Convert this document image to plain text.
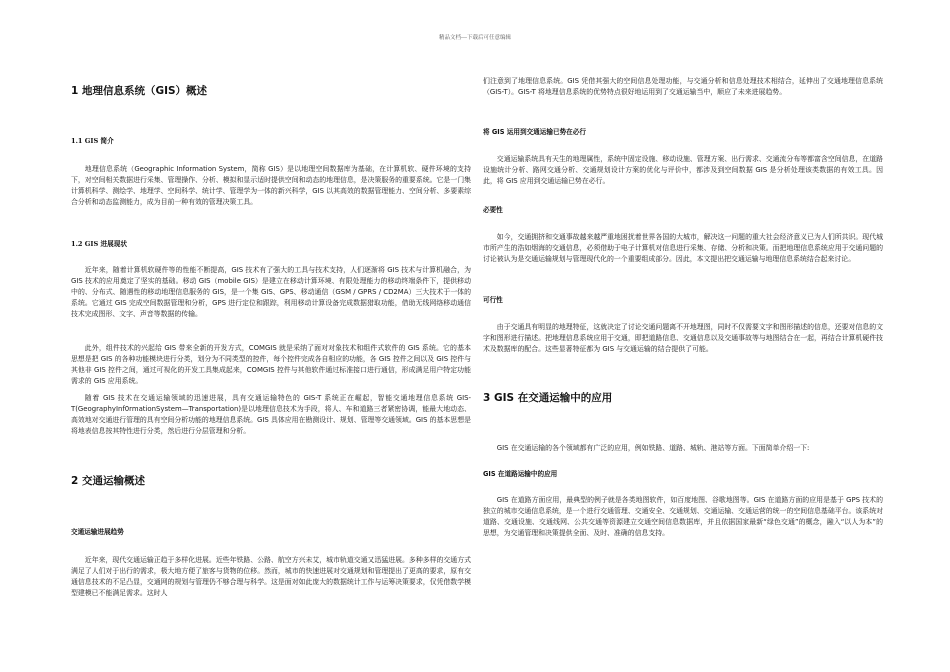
精品文档---下载后可任意编辑
1 地理信息系统（GIS）概述
1.1 GIS 简介
地理信息系统（Geographic Information System，简称 GIS）是以地理空间数据库为基础，在计算机软、硬件环境的支持下，对空间相关数据进行采集、管理操作、分析、模拟和显示适时提供空间和动态的地理信息，是决策服务的重要系统。它是一门集计算机科学、测绘学、地理学、空间科学、统计学、管理学为一体的新兴科学，GIS 以其高效的数据管理能力、空间分析、多要素综合分析和动态监测能力，成为目前一种有效的管理决策工具。
1.2 GIS 进展现状
近年来，随着计算机软硬件等的性能不断提高，GIS 技术有了强大的工具与技术支持，人们逐渐将 GIS 技术与计算机融合，为 GIS 技术的应用奠定了坚实的基础。移动 GIS（mobile GIS）是建立在移动计算环境、有限处理能力的移动终端条件下，提供移动中的、分布式、随遇性的移动地理信息服务的 GIS，是一个集 GIS、GPS、移动通信（GSM / GPRS / CD2MA）三大技术于一体的系统。它通过 GIS 完成空间数据管理和分析，GPS 进行定位和跟踪，利用移动计算设备完成数据猎取功能，借助无线网络移动通信技术完成图形、文字、声音等数据的传输。
此外，组件技术的兴起给 GIS 带来全新的开发方式，COMGIS 就是采纳了面对对象技术和组件式软件的 GIS 系统。它的基本思想是把 GIS 的各种功能模块进行分类，划分为不同类型的控件，每个控件完成各自相应的功能，各 GIS 控件之间以及 GIS 控件与其他非 GIS 控件之间，通过可视化的开发工具集成起来，COMGIS 控件与其他软件通过标准接口进行通信，形成满足用户特定功能需求的 GIS 应用系统。
随着 GIS 技术在交通运输领域的迅速进展，具有交通运输特色的 GIS-T 系统正在崛起，智能交通地理信息系统 GIS-T(GeographyInf0rmationSystem—Transportation)是以地理信息技术为手段，将人、车和道路三者紧密协调，能最大地动态、高效地对交通进行管理的具有空间分析功能的地理信息系统。GIS 具体应用在勘测设计、规划、管理等交通领域。GIS 的基本思想是将地表信息按其特性进行分类，然后进行分层管理和分析。
2 交通运输概述
交通运输进展趋势
近年来，现代交通运输正趋于多样化进展。近些年铁路、公路、航空方兴未艾，城市轨道交通又迅猛进展。多种多样的交通方式满足了人们对于出行的需求，极大地方便了旅客与货物的位移。然而，城市的快速进展对交通规划和管理提出了更高的要求，原有交通信息技术的不足凸显，交通网的规划与管理仍不够合理与科学。这是面对如此庞大的数据统计工作与运筹决策要求，仅凭借数学模型建模已不能满足需求。这时人
们注意到了地理信息系统。GIS 凭借其强大的空间信息处理功能，与交通分析和信息处理技术相结合，延伸出了交通地理信息系统（GIS-T）。GIS-T 将地理信息系统的优势特点很好地运用到了交通运输当中，顺应了未来进展趋势。
将 GIS 运用到交通运输已势在必行
交通运输系统具有天生的地理属性，系统中固定设施、移动设施、管理方案、出行需求、交通流分布等都富含空间信息，在道路设施统计分析、路网交通分析、交通规划设计方案的优化与评价中，都涉及到空间数据 GIS 是分析处理该类数据的有效工具。因此，将 GIS 应用到交通运输已势在必行。
必要性
如今，交通拥挤和交通事故越来越严重地困扰着世界各国的大城市，解决这一问题的重大社会经济意义已为人们所共识。现代城市所产生的浩如烟海的交通信息，必须借助于电子计算机对信息进行采集、存储、分析和决策。而把地理信息系统应用于交通问题的讨论被认为是交通运输规划与管理现代化的一个重要组成部分。因此，本文提出把交通运输与地理信息系统结合起来讨论。
可行性
由于交通具有明显的地理特征，这就决定了讨论交通问题离不开地理图，同时不仅需要文字和图形描述的信息，还要对信息的文字和图形进行描述。把地理信息系统应用于交通，即把道路信息、交通信息以及交通事故等与地图结合在一起，再结合计算机硬件技术及数据库的配合。这些显著特征都为 GIS 与交通运输的结合提供了可能。
3 GIS 在交通运输中的应用
GIS 在交通运输的各个领域都有广泛的应用，例如铁路、道路、城轨、港站等方面。下面简单介绍一下:
GIS 在道路运输中的应用
GIS 在道路方面应用，最典型的例子就是各类地图软件，如百度地图、谷歌地图等。GIS 在道路方面的应用是基于 GPS 技术的独立的城市交通信息系统，是一个进行交通管理、交通安全、交通规划、交通运输、交通运营的统一的空间信息基础平台。该系统对道路、交通设施、交通线网、公共交通等资源建立交通空间信息数据库，并且依据国家最新“绿色交通”的概念，融入“以人为本”的思想，为交通管理和决策提供全面、及时、准确的信息支持。
